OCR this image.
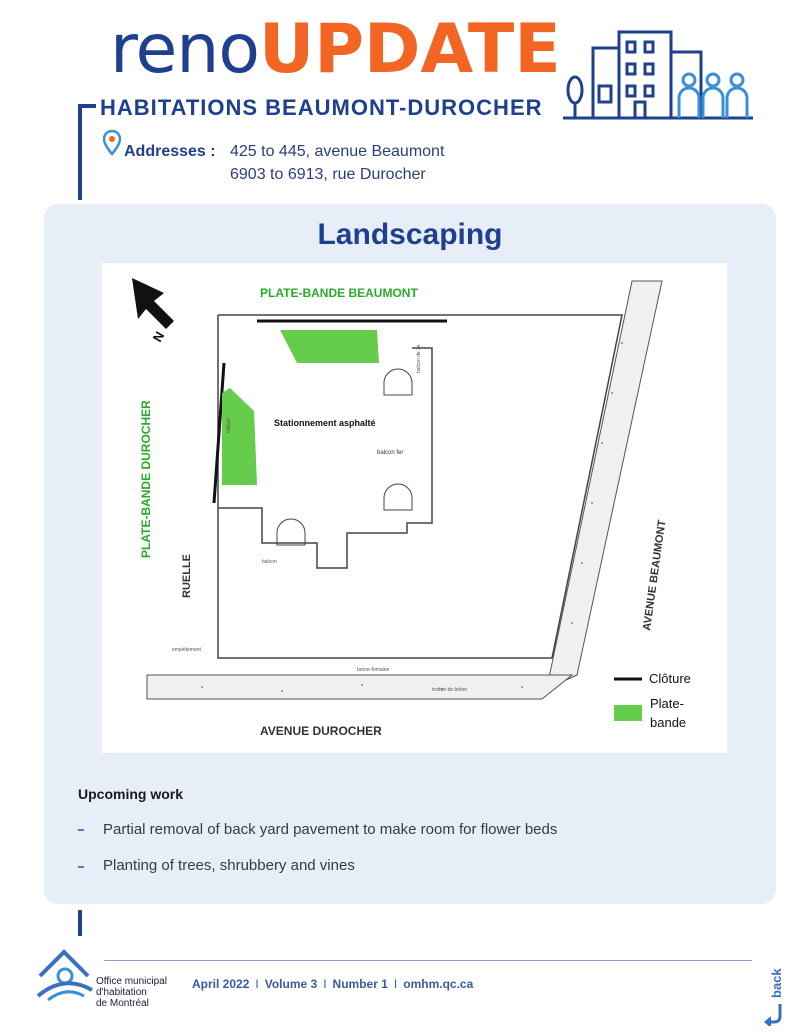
renoUPDATE
HABITATIONS BEAUMONT-DUROCHER
Addresses : 425 to 445, avenue Beaumont
6903 to 6913, rue Durocher
Landscaping
N
PLATE-BANDE BEAUMONT
PLATE-BANDE DUROCHER	Stationnement asphalté
balcon fer
RUELLE	AVENUE BEAUMONT
AVENUE DUROCHER
balcon
borne-fontaine
trottoir de béton
empiètement
balcon de 3e
clôture
Clôture
Plate-
bande
Upcoming work
Partial removal of back yard pavement to make room for flower beds
Planting of trees, shrubbery and vines
Office municipal
d'habitation
de Montréal
April 2022 I Volume 3 I Number 1 I omhm.qc.ca	back
